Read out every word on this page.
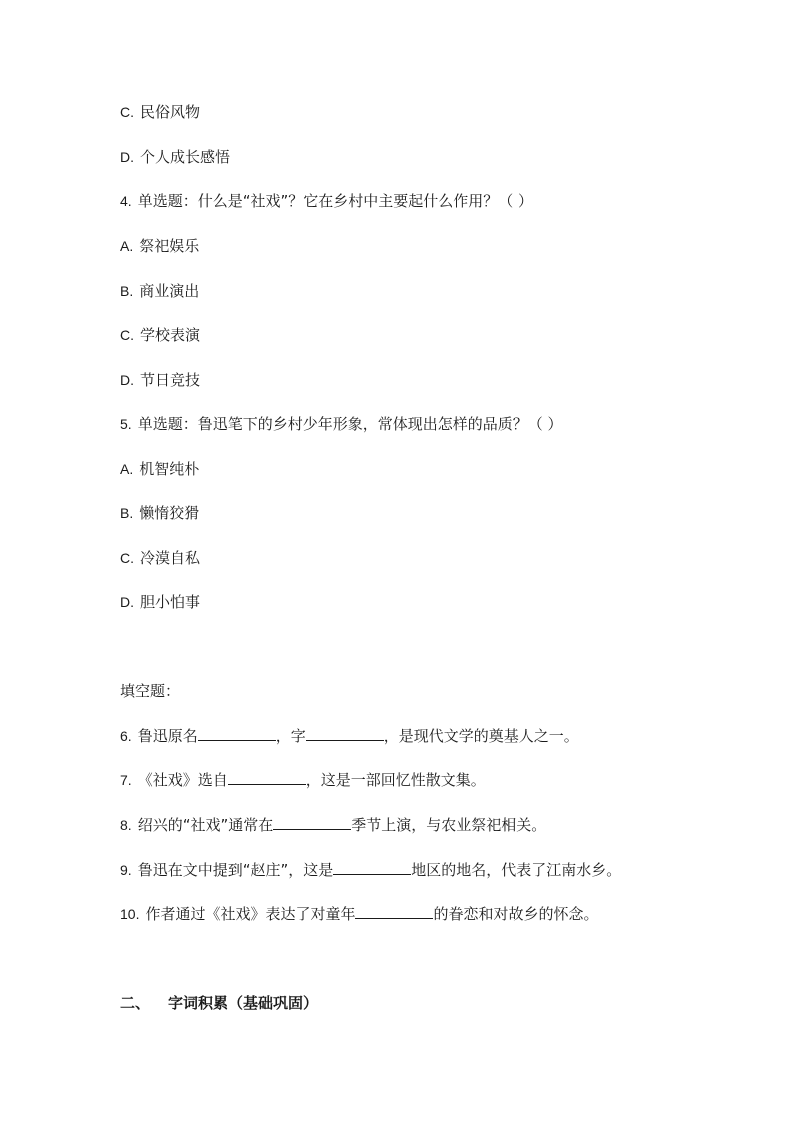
C. 民俗风物
D. 个人成长感悟
4. 单选题：什么是“社戏”？它在乡村中主要起什么作用？（ ）
A. 祭祀娱乐
B. 商业演出
C. 学校表演
D. 节日竞技
5. 单选题：鲁迅笔下的乡村少年形象，常体现出怎样的品质？（ ）
A. 机智纯朴
B. 懒惰狡猾
C. 冷漠自私
D. 胆小怕事
填空题：
6. 鲁迅原名	，字	，是现代文学的奠基人之一。
7. 《社戏》选自	，这是一部回忆性散文集。
8. 绍兴的“社戏”通常在	季节上演，与农业祭祀相关。
9. 鲁迅在文中提到“赵庄”，这是	地区的地名，代表了江南水乡。
10. 作者通过《社戏》表达了对童年	的眷恋和对故乡的怀念。
二、 字词积累（基础巩固）
